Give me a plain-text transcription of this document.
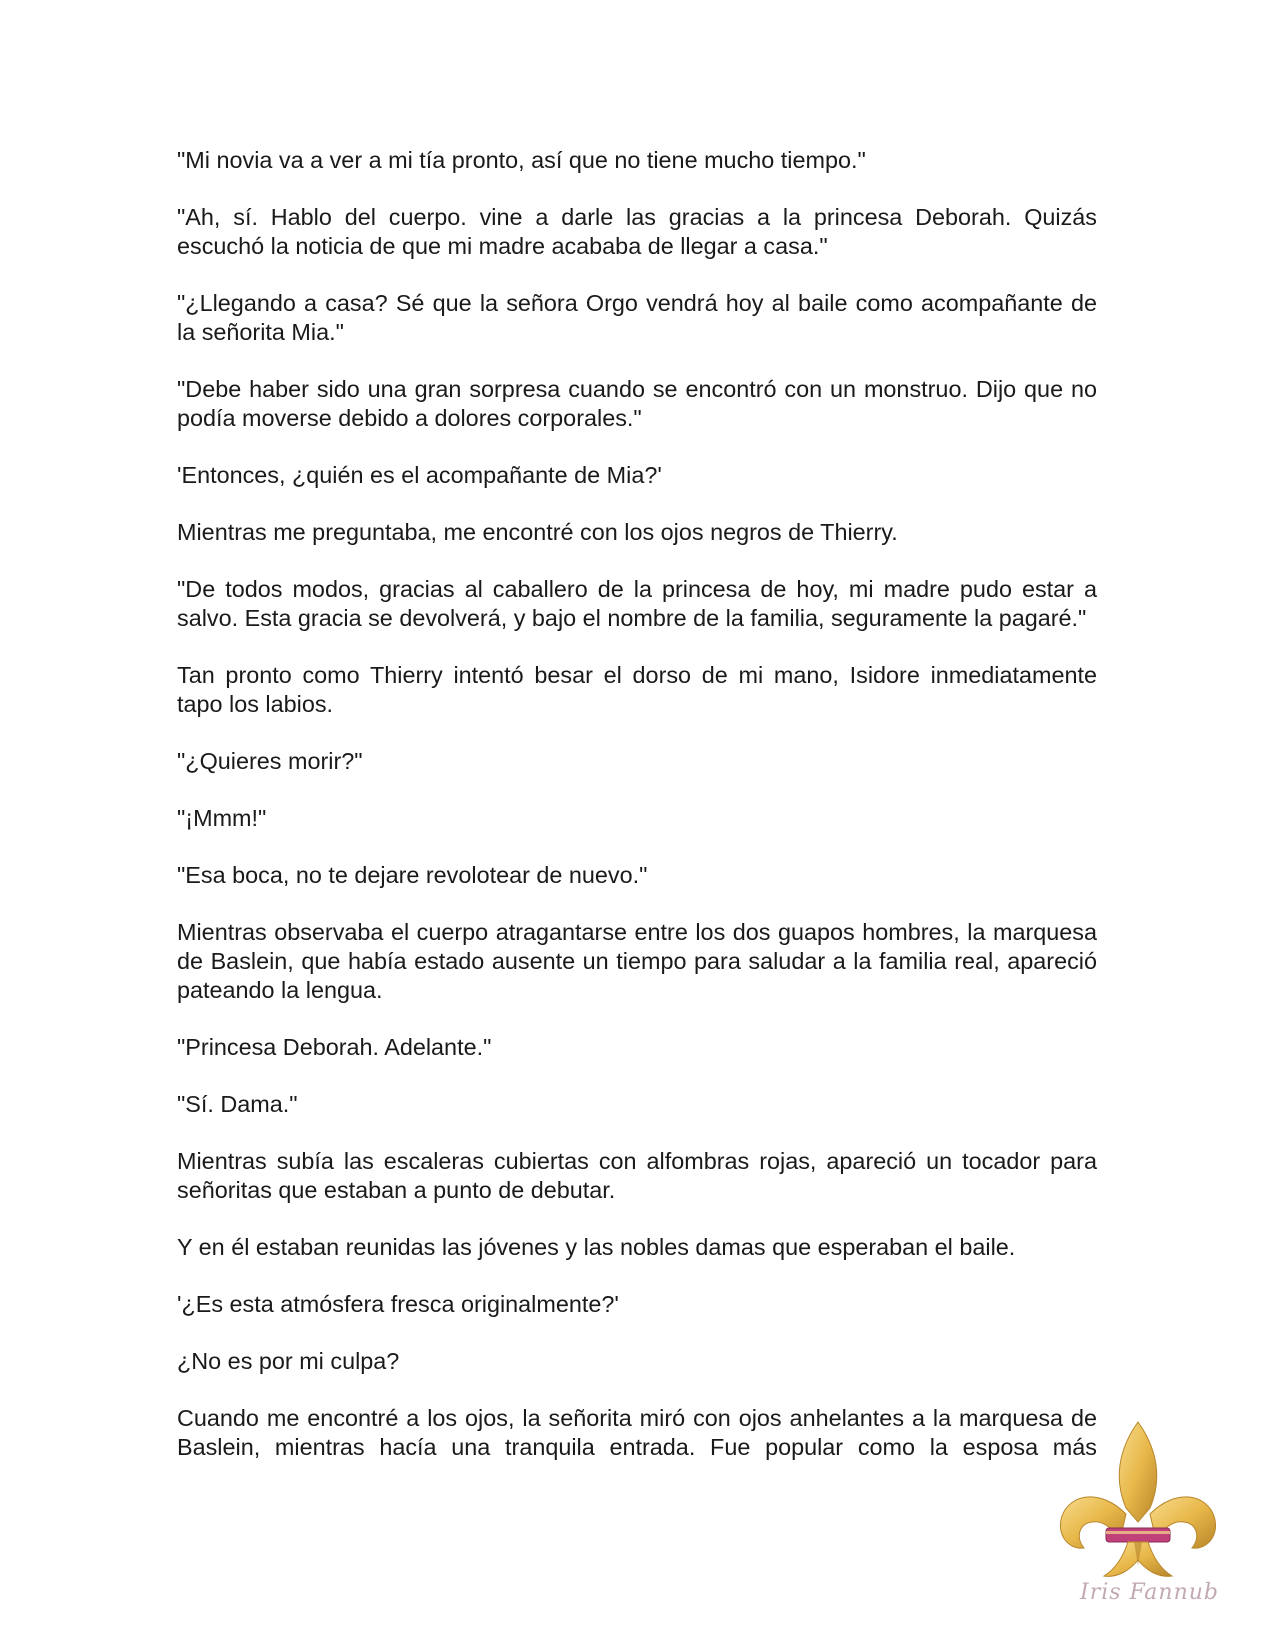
"Mi novia va a ver a mi tía pronto, así que no tiene mucho tiempo."

"Ah, sí. Hablo del cuerpo. vine a darle las gracias a la princesa Deborah. Quizás escuchó la noticia de que mi madre acababa de llegar a casa."

"¿Llegando a casa? Sé que la señora Orgo vendrá hoy al baile como acompañante de la señorita Mia."

"Debe haber sido una gran sorpresa cuando se encontró con un monstruo. Dijo que no podía moverse debido a dolores corporales."

'Entonces, ¿quién es el acompañante de Mia?'

Mientras me preguntaba, me encontré con los ojos negros de Thierry.

"De todos modos, gracias al caballero de la princesa de hoy, mi madre pudo estar a salvo. Esta gracia se devolverá, y bajo el nombre de la familia, seguramente la pagaré."

Tan pronto como Thierry intentó besar el dorso de mi mano, Isidore inmediatamente tapo los labios.

"¿Quieres morir?"

"¡Mmm!"

"Esa boca, no te dejare revolotear de nuevo."

Mientras observaba el cuerpo atragantarse entre los dos guapos hombres, la marquesa de Baslein, que había estado ausente un tiempo para saludar a la familia real, apareció pateando la lengua.

"Princesa Deborah. Adelante."

"Sí. Dama."

Mientras subía las escaleras cubiertas con alfombras rojas, apareció un tocador para señoritas que estaban a punto de debutar.

Y en él estaban reunidas las jóvenes y las nobles damas que esperaban el baile.

'¿Es esta atmósfera fresca originalmente?'

¿No es por mi culpa?

Cuando me encontré a los ojos, la señorita miró con ojos anhelantes a la marquesa de Baslein, mientras hacía una tranquila entrada. Fue popular como la esposa más

Iris Fannub
